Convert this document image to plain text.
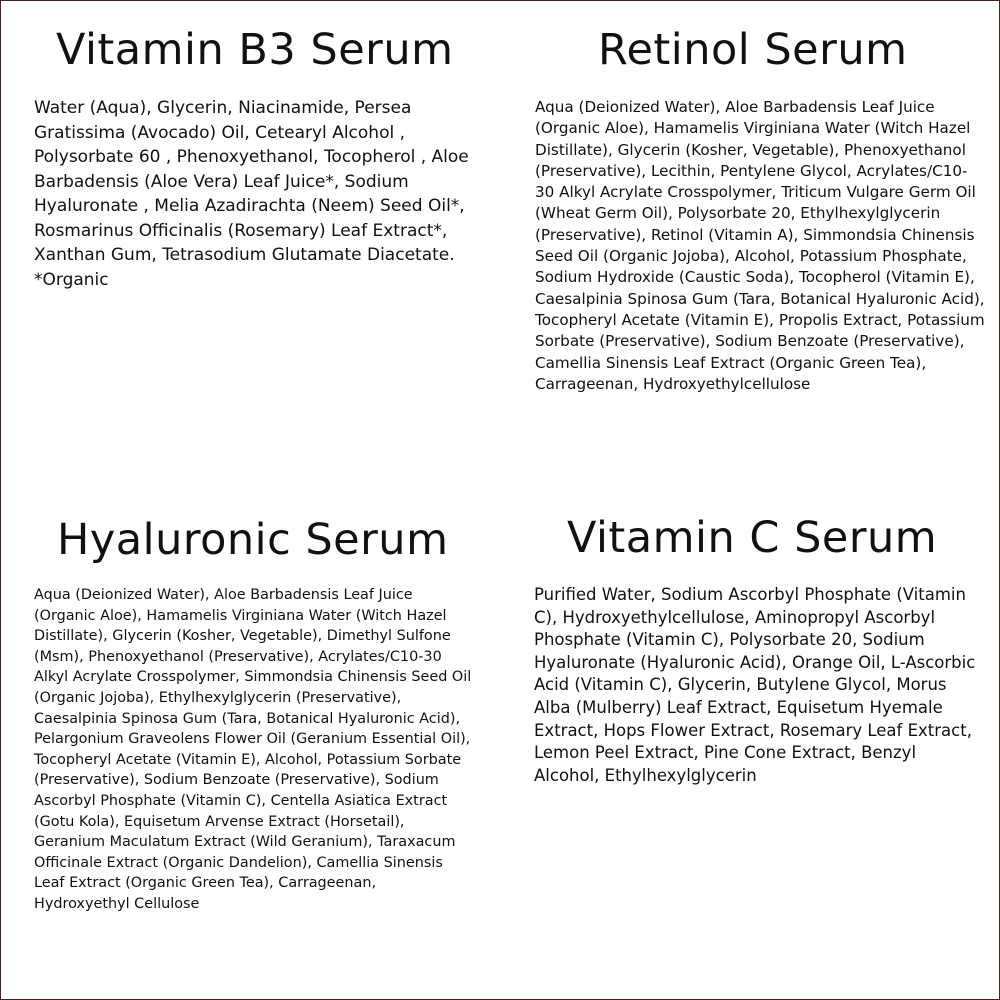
Vitamin B3 Serum

Water (Aqua), Glycerin, Niacinamide, Persea Gratissima (Avocado) Oil, Cetearyl Alcohol , Polysorbate 60 , Phenoxyethanol, Tocopherol , Aloe Barbadensis (Aloe Vera) Leaf Juice*, Sodium Hyaluronate , Melia Azadirachta (Neem) Seed Oil*, Rosmarinus Officinalis (Rosemary) Leaf Extract*, Xanthan Gum, Tetrasodium Glutamate Diacetate. *Organic

Retinol Serum

Aqua (Deionized Water), Aloe Barbadensis Leaf Juice (Organic Aloe), Hamamelis Virginiana Water (Witch Hazel Distillate), Glycerin (Kosher, Vegetable), Phenoxyethanol (Preservative), Lecithin, Pentylene Glycol, Acrylates/C10-30 Alkyl Acrylate Crosspolymer, Triticum Vulgare Germ Oil (Wheat Germ Oil), Polysorbate 20, Ethylhexylglycerin (Preservative), Retinol (Vitamin A), Simmondsia Chinensis Seed Oil (Organic Jojoba), Alcohol, Potassium Phosphate, Sodium Hydroxide (Caustic Soda), Tocopherol (Vitamin E), Caesalpinia Spinosa Gum (Tara, Botanical Hyaluronic Acid), Tocopheryl Acetate (Vitamin E), Propolis Extract, Potassium Sorbate (Preservative), Sodium Benzoate (Preservative), Camellia Sinensis Leaf Extract (Organic Green Tea), Carrageenan, Hydroxyethylcellulose

Hyaluronic Serum

Aqua (Deionized Water), Aloe Barbadensis Leaf Juice (Organic Aloe), Hamamelis Virginiana Water (Witch Hazel Distillate), Glycerin (Kosher, Vegetable), Dimethyl Sulfone (Msm), Phenoxyethanol (Preservative), Acrylates/C10-30 Alkyl Acrylate Crosspolymer, Simmondsia Chinensis Seed Oil (Organic Jojoba), Ethylhexylglycerin (Preservative), Caesalpinia Spinosa Gum (Tara, Botanical Hyaluronic Acid), Pelargonium Graveolens Flower Oil (Geranium Essential Oil), Tocopheryl Acetate (Vitamin E), Alcohol, Potassium Sorbate (Preservative), Sodium Benzoate (Preservative), Sodium Ascorbyl Phosphate (Vitamin C), Centella Asiatica Extract (Gotu Kola), Equisetum Arvense Extract (Horsetail), Geranium Maculatum Extract (Wild Geranium), Taraxacum Officinale Extract (Organic Dandelion), Camellia Sinensis Leaf Extract (Organic Green Tea), Carrageenan, Hydroxyethyl Cellulose

Vitamin C Serum

Purified Water, Sodium Ascorbyl Phosphate (Vitamin C), Hydroxyethylcellulose, Aminopropyl Ascorbyl Phosphate (Vitamin C), Polysorbate 20, Sodium Hyaluronate (Hyaluronic Acid), Orange Oil, L-Ascorbic Acid (Vitamin C), Glycerin, Butylene Glycol, Morus Alba (Mulberry) Leaf Extract, Equisetum Hyemale Extract, Hops Flower Extract, Rosemary Leaf Extract, Lemon Peel Extract, Pine Cone Extract, Benzyl Alcohol, Ethylhexylglycerin
